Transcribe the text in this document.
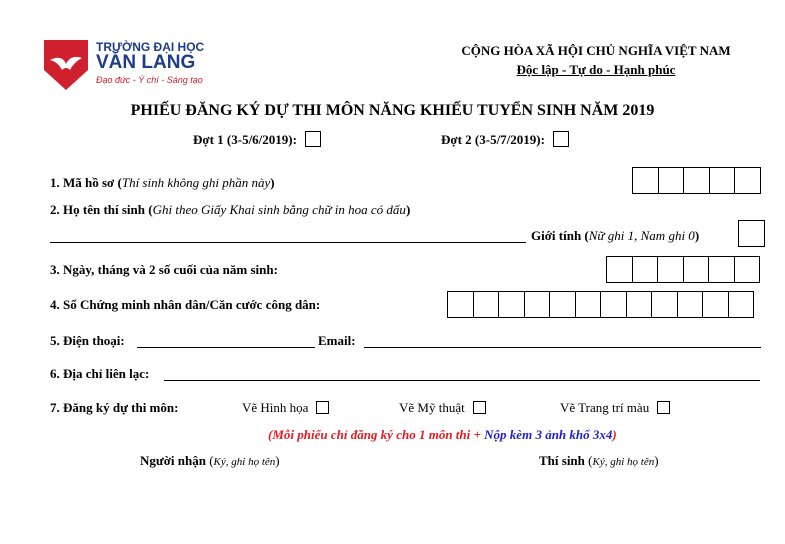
TRƯỜNG ĐẠI HỌC
VĂN LANG
Đạo đức - Ý chí - Sáng tạo
CỘNG HÒA XÃ HỘI CHỦ NGHĨA VIỆT NAM
Độc lập - Tự do - Hạnh phúc
PHIẾU ĐĂNG KÝ DỰ THI MÔN NĂNG KHIẾU TUYỂN SINH NĂM 2019
Đợt 1 (3-5/6/2019):	Đợt 2 (3-5/7/2019):
1. Mã hồ sơ (Thí sinh không ghi phần này)
2. Họ tên thí sinh (Ghi theo Giấy Khai sinh bằng chữ in hoa có dấu)
Giới tính (Nữ ghi 1, Nam ghi 0)
3. Ngày, tháng và 2 số cuối của năm sinh:
4. Số Chứng minh nhân dân/Căn cước công dân:
5. Điện thoại:	Email:
6. Địa chỉ liên lạc:
7. Đăng ký dự thi môn:	Vẽ Hình họa	Vẽ Mỹ thuật	Vẽ Trang trí màu
(Mỗi phiếu chỉ đăng ký cho 1 môn thi + Nộp kèm 3 ảnh khổ 3x4)
Người nhận (Ký, ghi họ tên)	Thí sinh (Ký, ghi họ tên)
